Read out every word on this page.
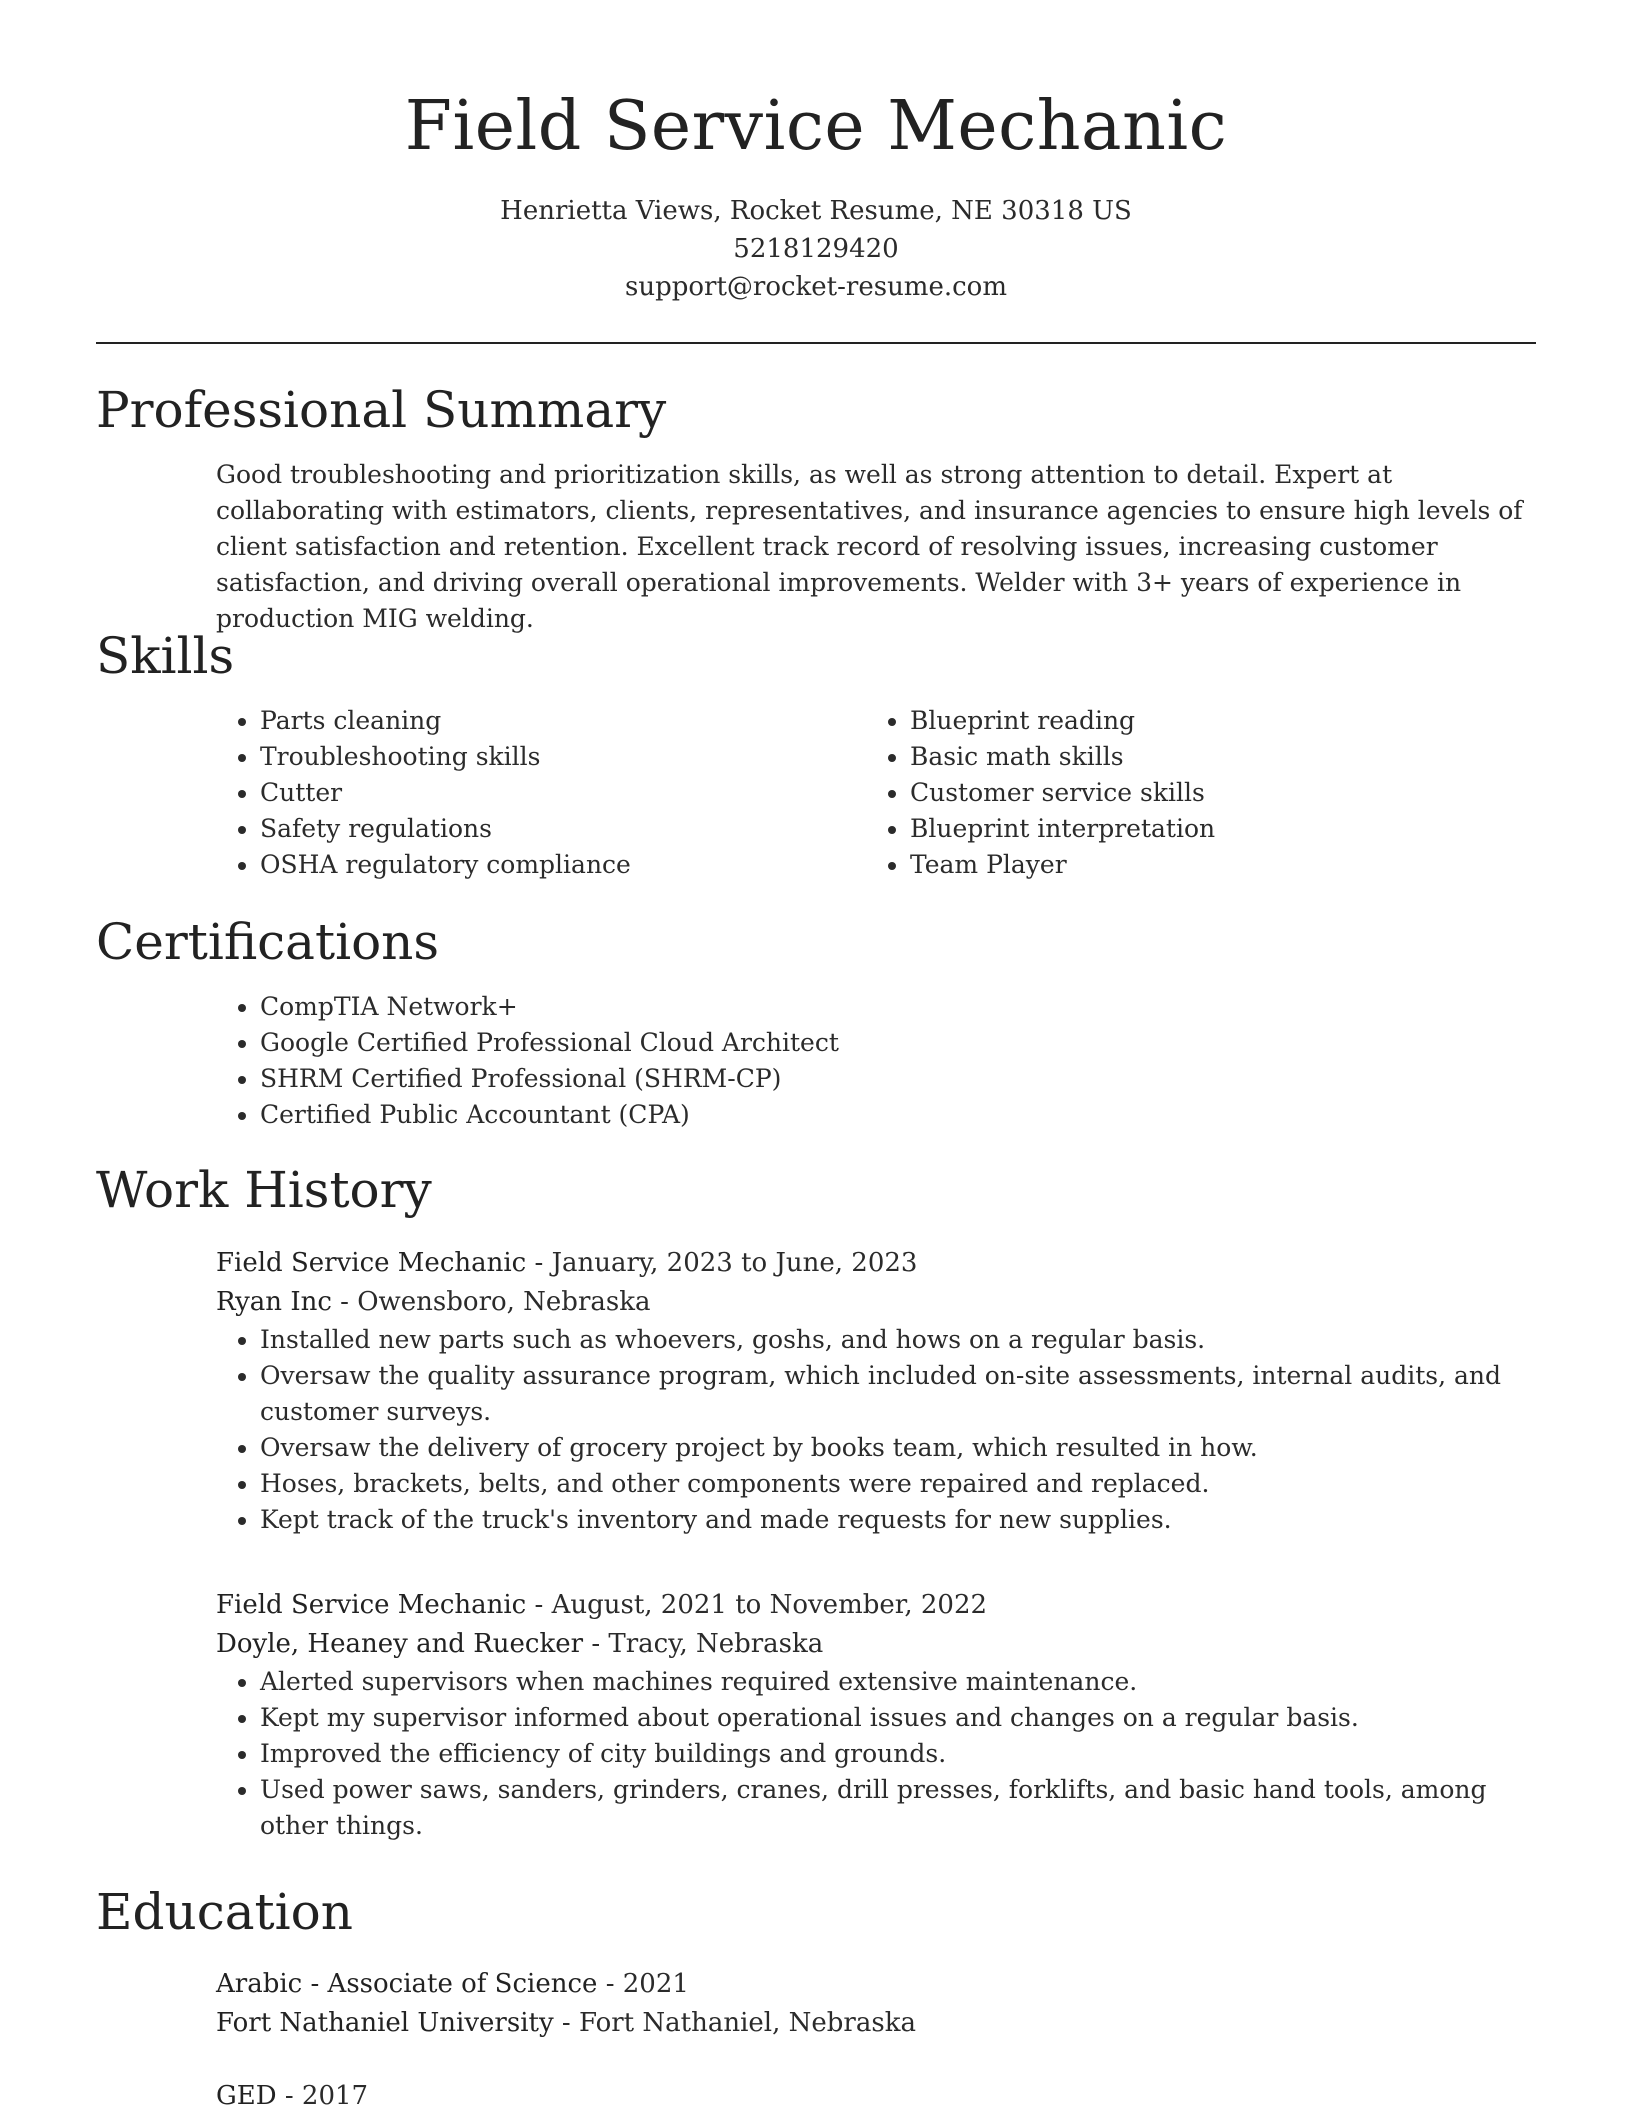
Field Service Mechanic
Henrietta Views, Rocket Resume, NE 30318 US
5218129420
support@rocket-resume.com
Professional Summary

Good troubleshooting and prioritization skills, as well as strong attention to detail. Expert at collaborating with estimators, clients, representatives, and insurance agencies to ensure high levels of client satisfaction and retention. Excellent track record of resolving issues, increasing customer satisfaction, and driving overall operational improvements. Welder with 3+ years of experience in production MIG welding.

Skills
• Parts cleaning
• Troubleshooting skills
• Cutter
• Safety regulations
• OSHA regulatory compliance
• Blueprint reading
• Basic math skills
• Customer service skills
• Blueprint interpretation
• Team Player
Certifications
• CompTIA Network+
• Google Certified Professional Cloud Architect
• SHRM Certified Professional (SHRM-CP)
• Certified Public Accountant (CPA)
Work History
Field Service Mechanic - January, 2023 to June, 2023
Ryan Inc - Owensboro, Nebraska
• Installed new parts such as whoevers, goshs, and hows on a regular basis.
• Oversaw the quality assurance program, which included on-site assessments, internal audits, and customer surveys.
• Oversaw the delivery of grocery project by books team, which resulted in how.
• Hoses, brackets, belts, and other components were repaired and replaced.
• Kept track of the truck's inventory and made requests for new supplies.
Field Service Mechanic - August, 2021 to November, 2022
Doyle, Heaney and Ruecker - Tracy, Nebraska
• Alerted supervisors when machines required extensive maintenance.
• Kept my supervisor informed about operational issues and changes on a regular basis.
• Improved the efficiency of city buildings and grounds.
• Used power saws, sanders, grinders, cranes, drill presses, forklifts, and basic hand tools, among other things.
Education
Arabic - Associate of Science - 2021
Fort Nathaniel University - Fort Nathaniel, Nebraska
GED - 2017
